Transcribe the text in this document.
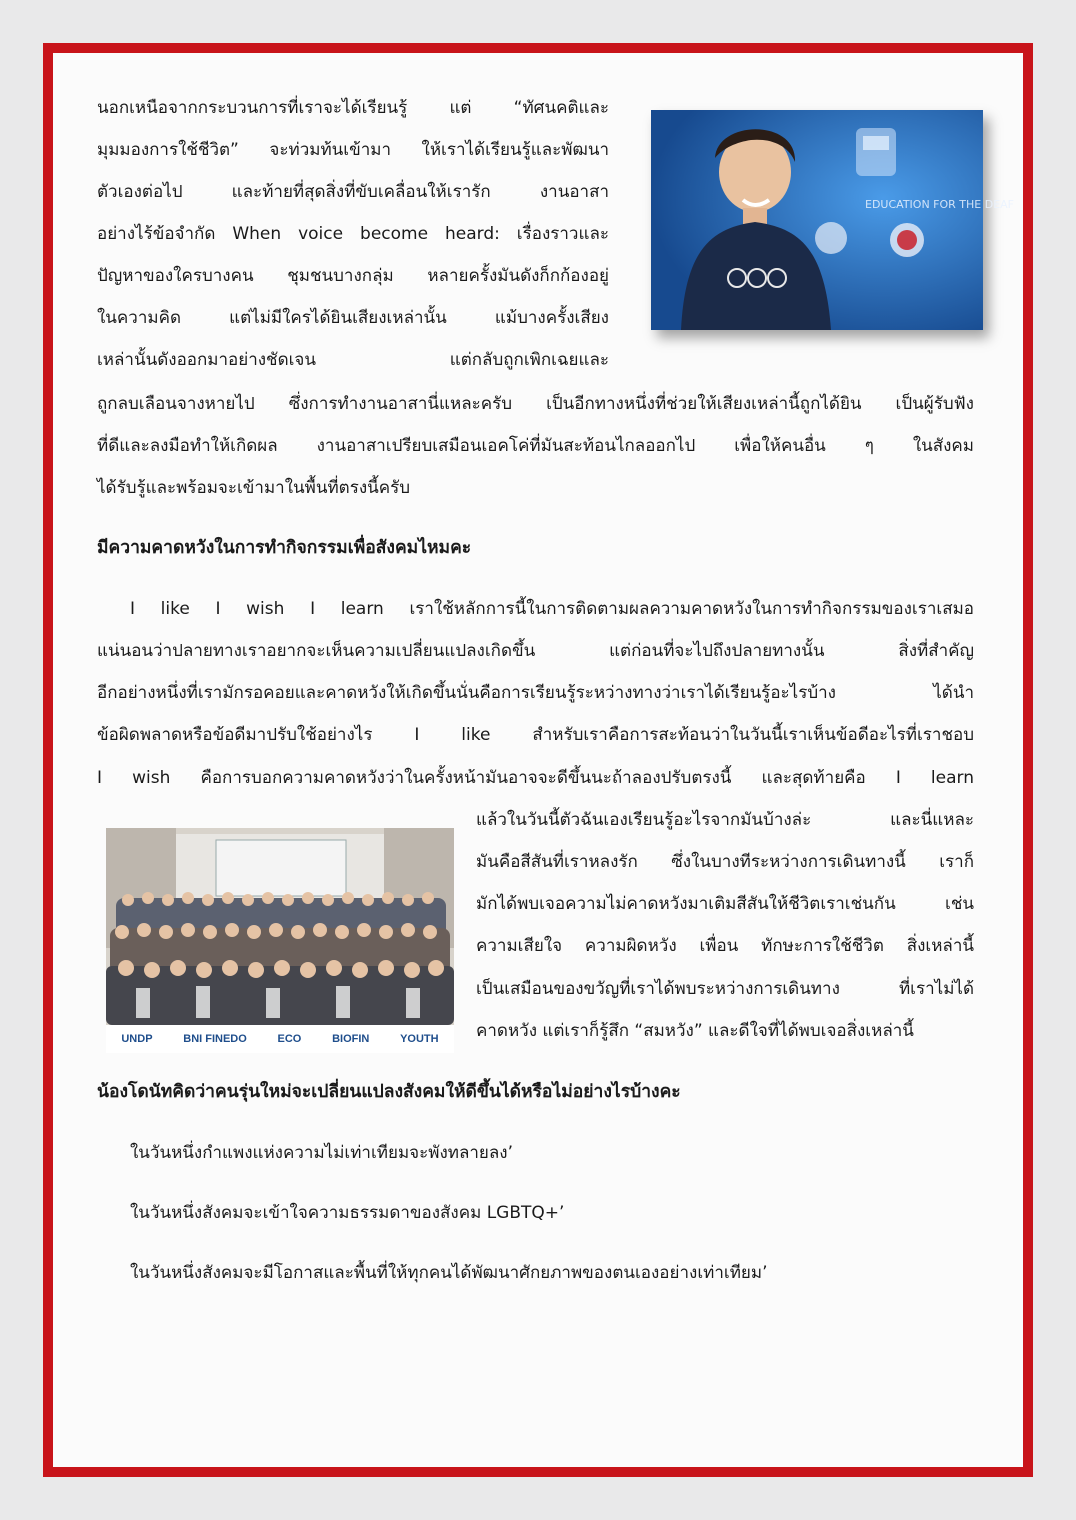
นอกเหนือจากกระบวนการที่เราจะได้เรียนรู้ แต่ “ทัศนคติและ

มุมมองการใช้ชีวิต” จะท่วมท้นเข้ามา ให้เราได้เรียนรู้และพัฒนา

ตัวเองต่อไป และท้ายที่สุดสิ่งที่ขับเคลื่อนให้เรารัก งานอาสา

อย่างไร้ข้อจำกัด When voice become heard: เรื่องราวและ

ปัญหาของใครบางคน ชุมชนบางกลุ่ม หลายครั้งมันดังก็กก้องอยู่

ในความคิด แต่ไม่มีใครได้ยินเสียงเหล่านั้น แม้บางครั้งเสียง

เหล่านั้นดังออกมาอย่างชัดเจน แต่กลับถูกเพิกเฉยและ

ถูกลบเลือนจางหายไป ซึ่งการทำงานอาสานี่แหละครับ เป็นอีกทางหนึ่งที่ช่วยให้เสียงเหล่านี้ถูกได้ยิน เป็นผู้รับฟัง

ที่ดีและลงมือทำให้เกิดผล งานอาสาเปรียบเสมือนเอคโค่ที่มันสะท้อนไกลออกไป เพื่อให้คนอื่น ๆ ในสังคม

ได้รับรู้และพร้อมจะเข้ามาในพื้นที่ตรงนี้ครับ

EDUCATION FOR THE DEAF

มีความคาดหวังในการทำกิจกรรมเพื่อสังคมไหมคะ

I like I wish I learn เราใช้หลักการนี้ในการติดตามผลความคาดหวังในการทำกิจกรรมของเราเสมอ

แน่นอนว่าปลายทางเราอยากจะเห็นความเปลี่ยนแปลงเกิดขึ้น แต่ก่อนที่จะไปถึงปลายทางนั้น สิ่งที่สำคัญ

อีกอย่างหนึ่งที่เรามักรอคอยและคาดหวังให้เกิดขึ้นนั่นคือการเรียนรู้ระหว่างทางว่าเราได้เรียนรู้อะไรบ้าง ได้นำ

ข้อผิดพลาดหรือข้อดีมาปรับใช้อย่างไร I like สำหรับเราคือการสะท้อนว่าในวันนี้เราเห็นข้อดีอะไรที่เราชอบ

I wish คือการบอกความคาดหวังว่าในครั้งหน้ามันอาจจะดีขึ้นนะถ้าลองปรับตรงนี้ และสุดท้ายคือ I learn

แล้วในวันนี้ตัวฉันเองเรียนรู้อะไรจากมันบ้างล่ะ และนี่แหละ

มันคือสีสันที่เราหลงรัก ซึ่งในบางทีระหว่างการเดินทางนี้ เราก็

มักได้พบเจอความไม่คาดหวังมาเติมสีสันให้ชีวิตเราเช่นกัน เช่น

ความเสียใจ ความผิดหวัง เพื่อน ทักษะการใช้ชีวิต สิ่งเหล่านี้

เป็นเสมือนของขวัญที่เราได้พบระหว่างการเดินทาง ที่เราไม่ได้

คาดหวัง แต่เราก็รู้สึก “สมหวัง” และดีใจที่ได้พบเจอสิ่งเหล่านี้

UNDP	BNI FINEDO	ECO	BIOFIN	YOUTH

น้องโดนัทคิดว่าคนรุ่นใหม่จะเปลี่ยนแปลงสังคมให้ดีขึ้นได้หรือไม่อย่างไรบ้างคะ

ในวันหนึ่งกำแพงแห่งความไม่เท่าเทียมจะพังทลายลง’

ในวันหนึ่งสังคมจะเข้าใจความธรรมดาของสังคม LGBTQ+’

ในวันหนึ่งสังคมจะมีโอกาสและพื้นที่ให้ทุกคนได้พัฒนาศักยภาพของตนเองอย่างเท่าเทียม’
